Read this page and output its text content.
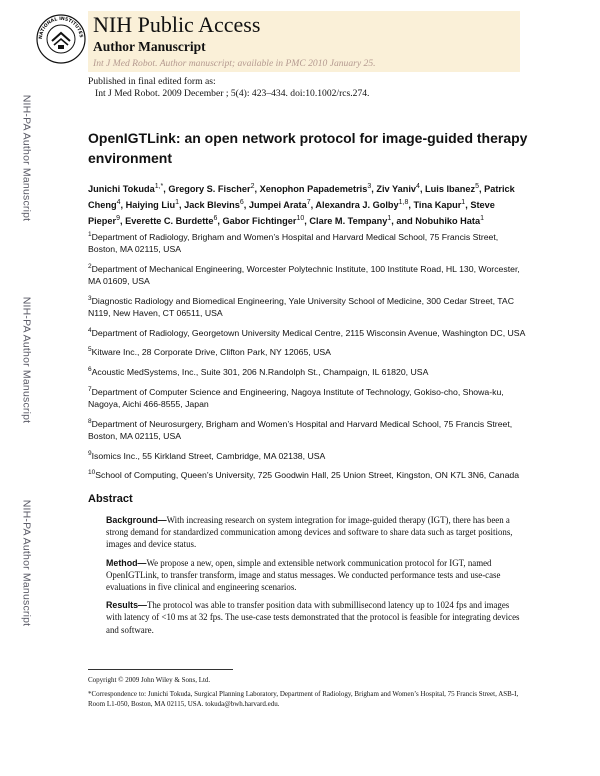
NATIONAL INSTITUTES NIH Public Access
Author Manuscript
Int J Med Robot. Author manuscript; available in PMC 2010 January 25.
Published in final edited form as:
Int J Med Robot. 2009 December ; 5(4): 423–434. doi:10.1002/rcs.274.
NIH-PA Author Manuscript
NIH-PA Author Manuscript
NIH-PA Author Manuscript
OpenIGTLink: an open network protocol for image-guided therapy environment
Junichi Tokuda$^{1,*}$, Gregory S. Fischer$^2$, Xenophon Papademetris$^3$, Ziv Yaniv$^4$, Luis Ibanez$^5$, Patrick Cheng$^4$, Haiying Liu$^1$, Jack Blevins$^6$, Jumpei Arata$^7$, Alexandra J. Golby$^{1,8}$, Tina Kapur$^1$, Steve Pieper$^9$, Everette C. Burdette$^6$, Gabor Fichtinger$^{10}$, Clare M. Tempany$^1$, and Nobuhiko Hata$^1$
$^1$Department of Radiology, Brigham and Women’s Hospital and Harvard Medical School, 75 Francis Street, Boston, MA 02115, USA
$^2$Department of Mechanical Engineering, Worcester Polytechnic Institute, 100 Institute Road, HL 130, Worcester, MA 01609, USA
$^3$Diagnostic Radiology and Biomedical Engineering, Yale University School of Medicine, 300 Cedar Street, TAC N119, New Haven, CT 06511, USA
$^4$Department of Radiology, Georgetown University Medical Centre, 2115 Wisconsin Avenue, Washington DC, USA
$^5$Kitware Inc., 28 Corporate Drive, Clifton Park, NY 12065, USA
$^6$Acoustic MedSystems, Inc., Suite 301, 206 N.Randolph St., Champaign, IL 61820, USA
$^7$Department of Computer Science and Engineering, Nagoya Institute of Technology, Gokiso-cho, Showa-ku, Nagoya, Aichi 466-8555, Japan
$^8$Department of Neurosurgery, Brigham and Women’s Hospital and Harvard Medical School, 75 Francis Street, Boston, MA 02115, USA
$^9$Isomics Inc., 55 Kirkland Street, Cambridge, MA 02138, USA
$^{10}$School of Computing, Queen’s University, 725 Goodwin Hall, 25 Union Street, Kingston, ON K7L 3N6, Canada
Abstract

Background—With increasing research on system integration for image-guided therapy (IGT), there has been a strong demand for standardized communication among devices and software to share data such as target positions, images and device status.

Method—We propose a new, open, simple and extensible network communication protocol for IGT, named OpenIGTLink, to transfer transform, image and status messages. We conducted performance tests and use-case evaluations in five clinical and engineering scenarios.

Results—The protocol was able to transfer position data with submillisecond latency up to 1024 fps and images with latency of <10 ms at 32 fps. The use-case tests demonstrated that the protocol is feasible for integrating devices and software.

Copyright © 2009 John Wiley & Sons, Ltd.
*Correspondence to: Junichi Tokuda, Surgical Planning Laboratory, Department of Radiology, Brigham and Women’s Hospital, 75 Francis Street, ASB-I, Room L1-050, Boston, MA 02115, USA. tokuda@bwh.harvard.edu.
